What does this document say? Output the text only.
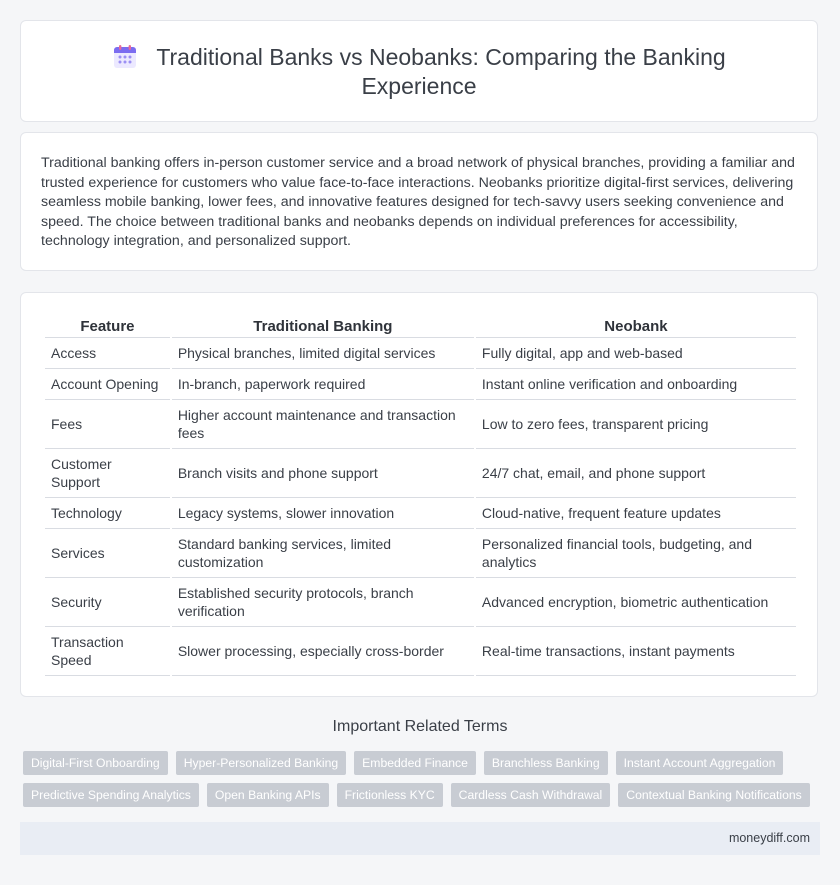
Traditional Banks vs Neobanks: Comparing the Banking
Experience

Traditional banking offers in-person customer service and a broad network of physical branches, providing a familiar and trusted experience for customers who value face-to-face interactions. Neobanks prioritize digital-first services, delivering seamless mobile banking, lower fees, and innovative features designed for tech-savvy users seeking convenience and speed. The choice between traditional banks and neobanks depends on individual preferences for accessibility, technology integration, and personalized support.

Feature	Traditional Banking	Neobank
Access	Physical branches, limited digital services	Fully digital, app and web-based
Account Opening	In-branch, paperwork required	Instant online verification and onboarding
Fees	Higher account maintenance and transaction fees	Low to zero fees, transparent pricing
Customer Support	Branch visits and phone support	24/7 chat, email, and phone support
Technology	Legacy systems, slower innovation	Cloud-native, frequent feature updates
Services	Standard banking services, limited customization	Personalized financial tools, budgeting, and analytics
Security	Established security protocols, branch verification	Advanced encryption, biometric authentication
Transaction Speed	Slower processing, especially cross-border	Real-time transactions, instant payments
Important Related Terms
Digital-First Onboarding	Hyper-Personalized Banking	Embedded Finance	Branchless Banking	Instant Account Aggregation
Predictive Spending Analytics	Open Banking APIs	Frictionless KYC	Cardless Cash Withdrawal	Contextual Banking Notifications
moneydiff.com
